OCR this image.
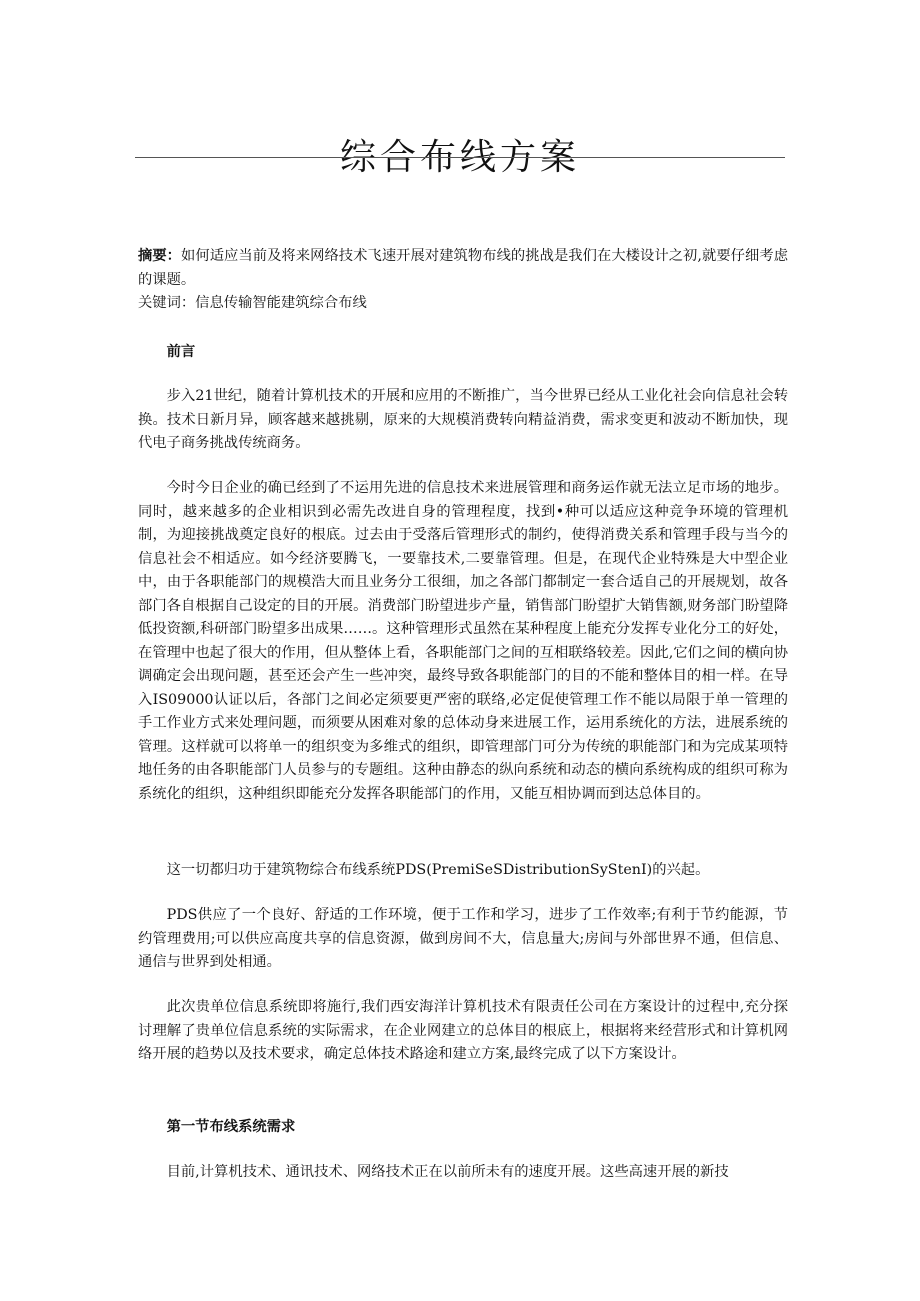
综合布线方案

摘要：如何适应当前及将来网络技术飞速开展对建筑物布线的挑战是我们在大楼设计之初,就要仔细考虑的课题。

关键词：信息传输智能建筑综合布线

前言

步入21世纪，随着计算机技术的开展和应用的不断推广，当今世界已经从工业化社会向信息社会转换。技术日新月异，顾客越来越挑剔，原来的大规模消费转向精益消费，需求变更和波动不断加快，现代电子商务挑战传统商务。

今时今日企业的确已经到了不运用先进的信息技术来进展管理和商务运作就无法立足市场的地步。同时，越来越多的企业相识到必需先改进自身的管理程度，找到•种可以适应这种竞争环境的管理机制，为迎接挑战奠定良好的根底。过去由于受落后管理形式的制约，使得消费关系和管理手段与当今的信息社会不相适应。如今经济要腾飞，一要靠技术,二要靠管理。但是，在现代企业特殊是大中型企业中，由于各职能部门的规模浩大而且业务分工很细，加之各部门都制定一套合适自己的开展规划，故各部门各自根据自己设定的目的开展。消费部门盼望进步产量，销售部门盼望扩大销售额,财务部门盼望降低投资额,科研部门盼望多出成果……。这种管理形式虽然在某种程度上能充分发挥专业化分工的好处，在管理中也起了很大的作用，但从整体上看，各职能部门之间的互相联络较差。因此,它们之间的横向协调确定会出现问题，甚至还会产生一些冲突，最终导致各职能部门的目的不能和整体目的相一样。在导入IS09000认证以后，各部门之间必定须要更严密的联络,必定促使管理工作不能以局限于单一管理的手工作业方式来处理问题，而须要从困难对象的总体动身来进展工作，运用系统化的方法，进展系统的管理。这样就可以将单一的组织变为多维式的组织，即管理部门可分为传统的职能部门和为完成某项特地任务的由各职能部门人员参与的专题组。这种由静态的纵向系统和动态的横向系统构成的组织可称为系统化的组织，这种组织即能充分发挥各职能部门的作用，又能互相协调而到达总体目的。

这一切都归功于建筑物综合布线系统PDS(PremiSeSDistributionSyStenI)的兴起。

PDS供应了一个良好、舒适的工作环境，便于工作和学习，进步了工作效率;有利于节约能源，节约管理费用;可以供应高度共享的信息资源，做到房间不大，信息量大;房间与外部世界不通，但信息、通信与世界到处相通。

此次贵单位信息系统即将施行,我们西安海洋计算机技术有限责任公司在方案设计的过程中,充分探讨理解了贵单位信息系统的实际需求，在企业网建立的总体目的根底上，根据将来经营形式和计算机网络开展的趋势以及技术要求，确定总体技术路途和建立方案,最终完成了以下方案设计。

第一节布线系统需求

目前,计算机技术、通讯技术、网络技术正在以前所未有的速度开展。这些高速开展的新技
